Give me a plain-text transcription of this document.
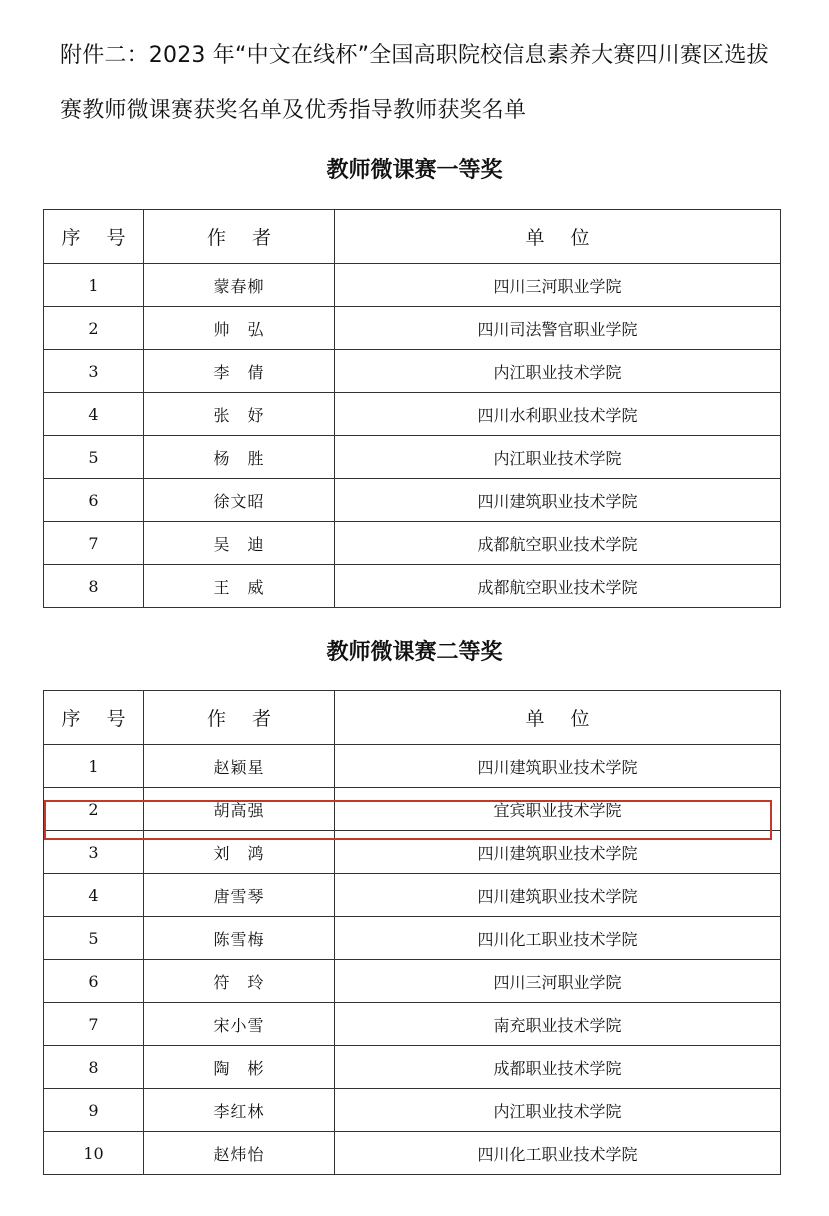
附件二：2023 年“中文在线杯”全国高职院校信息素养大赛四川赛区选拔赛教师微课赛获奖名单及优秀指导教师获奖名单
教师微课赛一等奖
序 号	作 者	单 位
1	蒙春柳	四川三河职业学院
2	帅　弘	四川司法警官职业学院
3	李　倩	内江职业技术学院
4	张　妤	四川水利职业技术学院
5	杨　胜	内江职业技术学院
6	徐文昭	四川建筑职业技术学院
7	吴　迪	成都航空职业技术学院
8	王　威	成都航空职业技术学院
教师微课赛二等奖
序 号	作 者	单 位
1	赵颖星	四川建筑职业技术学院
2	胡高强	宜宾职业技术学院
3	刘　鸿	四川建筑职业技术学院
4	唐雪琴	四川建筑职业技术学院
5	陈雪梅	四川化工职业技术学院
6	符　玲	四川三河职业学院
7	宋小雪	南充职业技术学院
8	陶　彬	成都职业技术学院
9	李红林	内江职业技术学院
10	赵炜怡	四川化工职业技术学院
